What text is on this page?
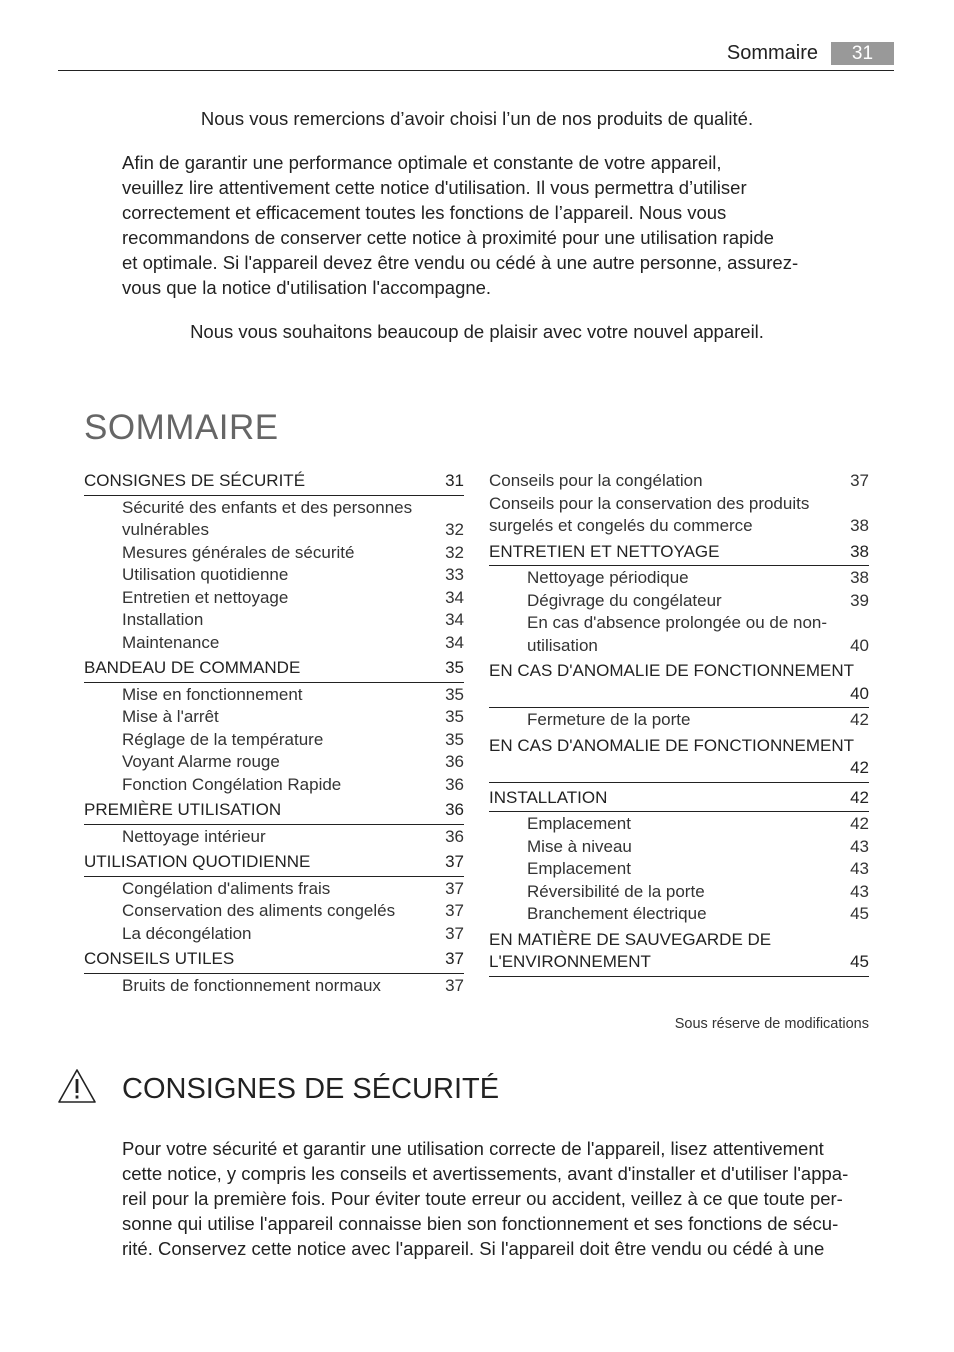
Sommaire	31
Nous vous remercions d’avoir choisi l’un de nos produits de qualité.

Afin de garantir une performance optimale et constante de votre appareil,

veuillez lire attentivement cette notice d'utilisation. Il vous permettra d’utiliser

correctement et efficacement toutes les fonctions de l’appareil. Nous vous

recommandons de conserver cette notice à proximité pour une utilisation rapide

et optimale. Si l'appareil devez être vendu ou cédé à une autre personne, assurez-

vous que la notice d'utilisation l'accompagne.

Nous vous souhaitons beaucoup de plaisir avec votre nouvel appareil.
SOMMAIRE
CONSIGNES DE SÉCURITÉ	31
Sécurité des enfants et des personnes
vulnérables	32
Mesures générales de sécurité	32
Utilisation quotidienne	33
Entretien et nettoyage	34
Installation	34
Maintenance	34
BANDEAU DE COMMANDE	35
Mise en fonctionnement	35
Mise à l'arrêt	35
Réglage de la température	35
Voyant Alarme rouge	36
Fonction Congélation Rapide	36
PREMIÈRE UTILISATION	36
Nettoyage intérieur	36
UTILISATION QUOTIDIENNE	37
Congélation d'aliments frais	37
Conservation des aliments congelés	37
La décongélation	37
CONSEILS UTILES	37
Bruits de fonctionnement normaux	37
Conseils pour la congélation	37
Conseils pour la conservation des produits
surgelés et congelés du commerce	38
ENTRETIEN ET NETTOYAGE	38
Nettoyage périodique	38
Dégivrage du congélateur	39
En cas d'absence prolongée ou de non-
utilisation	40
EN CAS D'ANOMALIE DE FONCTIONNEMENT
40
Fermeture de la porte	42
EN CAS D'ANOMALIE DE FONCTIONNEMENT
42
INSTALLATION	42
Emplacement	42
Mise à niveau	43
Emplacement	43
Réversibilité de la porte	43
Branchement électrique	45
EN MATIÈRE DE SAUVEGARDE DE
L'ENVIRONNEMENT	45
Sous réserve de modifications
CONSIGNES DE SÉCURITÉ
Pour votre sécurité et garantir une utilisation correcte de l'appareil, lisez attentivement
cette notice, y compris les conseils et avertissements, avant d'installer et d'utiliser l'appa-
reil pour la première fois. Pour éviter toute erreur ou accident, veillez à ce que toute per-
sonne qui utilise l'appareil connaisse bien son fonctionnement et ses fonctions de sécu-
rité. Conservez cette notice avec l'appareil. Si l'appareil doit être vendu ou cédé à une
